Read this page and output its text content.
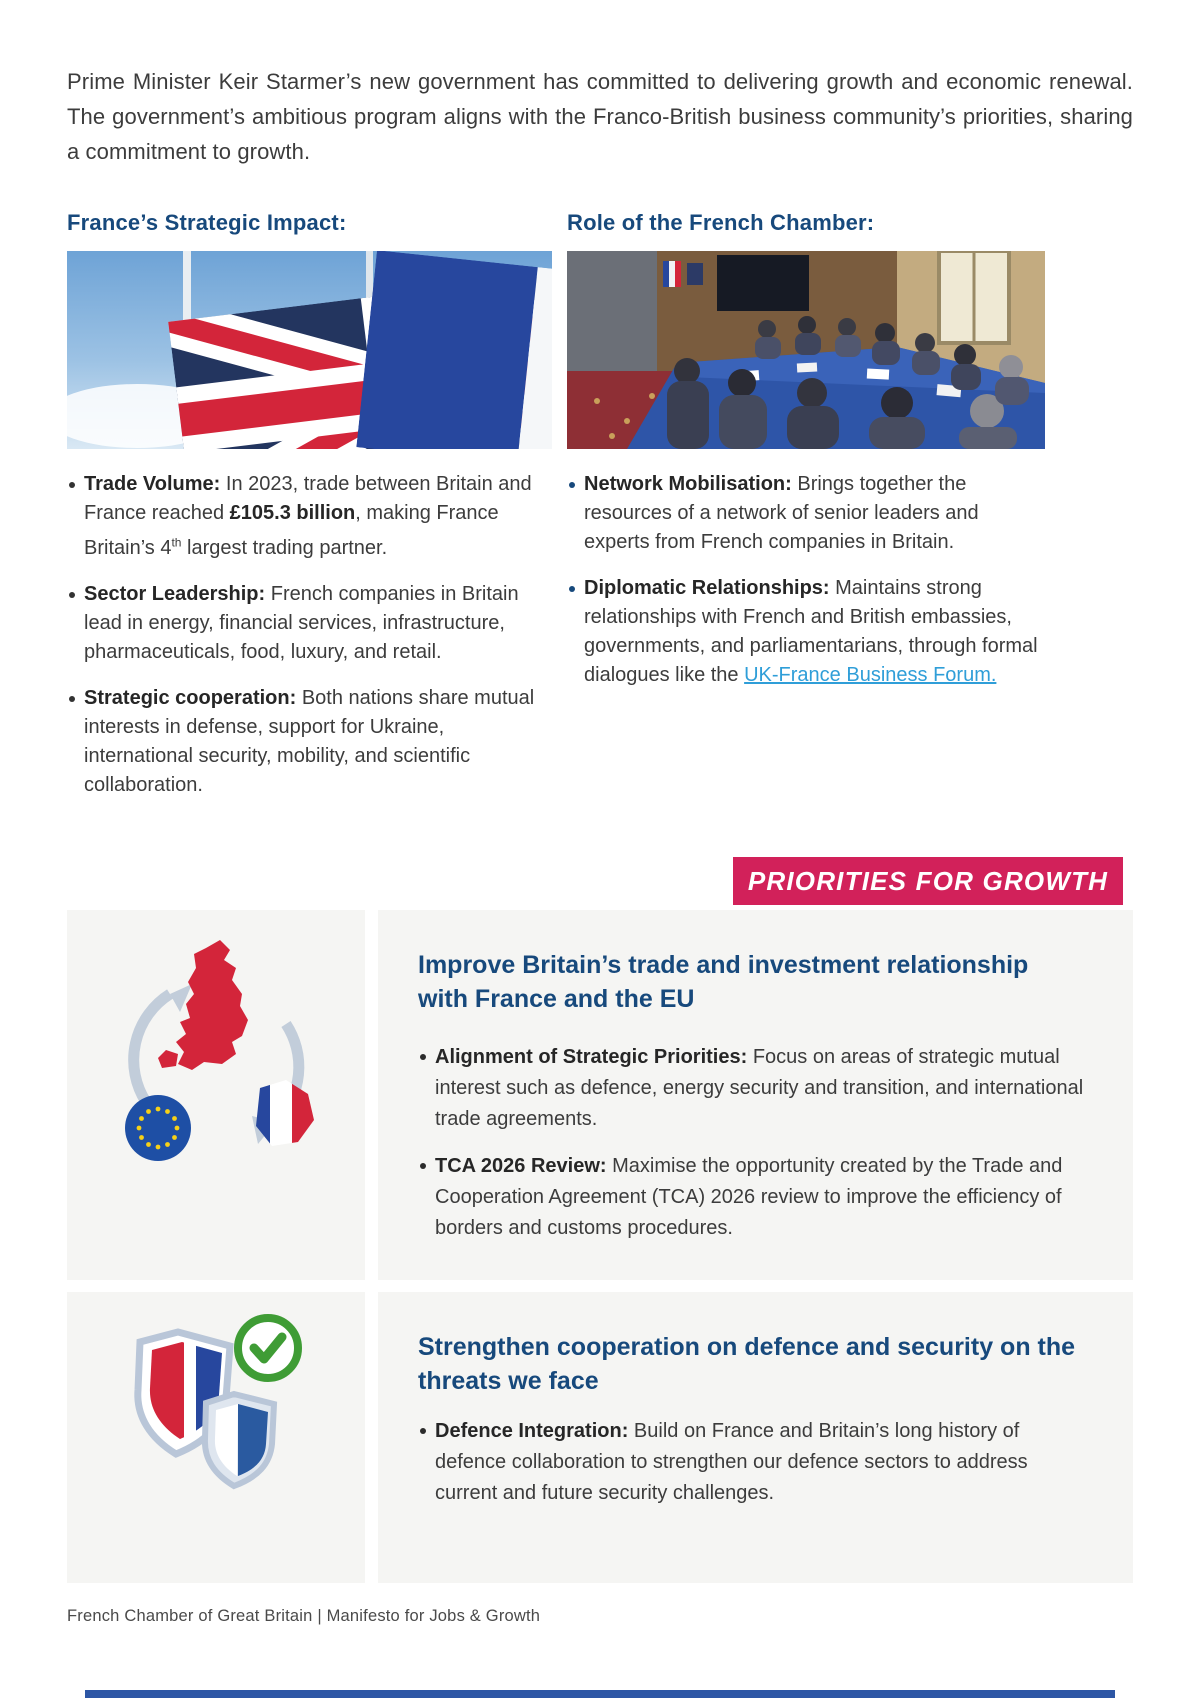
Prime Minister Keir Starmer’s new government has committed to delivering growth and economic renewal. The government’s ambitious program aligns with the Franco-British business community’s priorities, sharing a commitment to growth.

France’s Strategic Impact:
Trade Volume: In 2023, trade between Britain and France reached £105.3 billion, making France Britain’s 4th largest trading partner.
Sector Leadership: French companies in Britain lead in energy, financial services, infrastructure, pharmaceuticals, food, luxury, and retail.
Strategic cooperation: Both nations share mutual interests in defense, support for Ukraine, international security, mobility, and scientific collaboration.
Role of the French Chamber:
Network Mobilisation: Brings together the resources of a network of senior leaders and experts from French companies in Britain.
Diplomatic Relationships: Maintains strong relationships with French and British embassies, governments, and parliamentarians, through formal dialogues like the UK-France Business Forum.
PRIORITIES FOR GROWTH
Improve Britain’s trade and investment relationship with France and the EU
Alignment of Strategic Priorities: Focus on areas of strategic mutual interest such as defence, energy security and transition, and international trade agreements.
TCA 2026 Review: Maximise the opportunity created by the Trade and Cooperation Agreement (TCA) 2026 review to improve the efficiency of borders and customs procedures.
Strengthen cooperation on defence and security on the threats we face
Defence Integration: Build on France and Britain’s long history of defence collaboration to strengthen our defence sectors to address current and future security challenges.
French Chamber of Great Britain | Manifesto for Jobs & Growth
